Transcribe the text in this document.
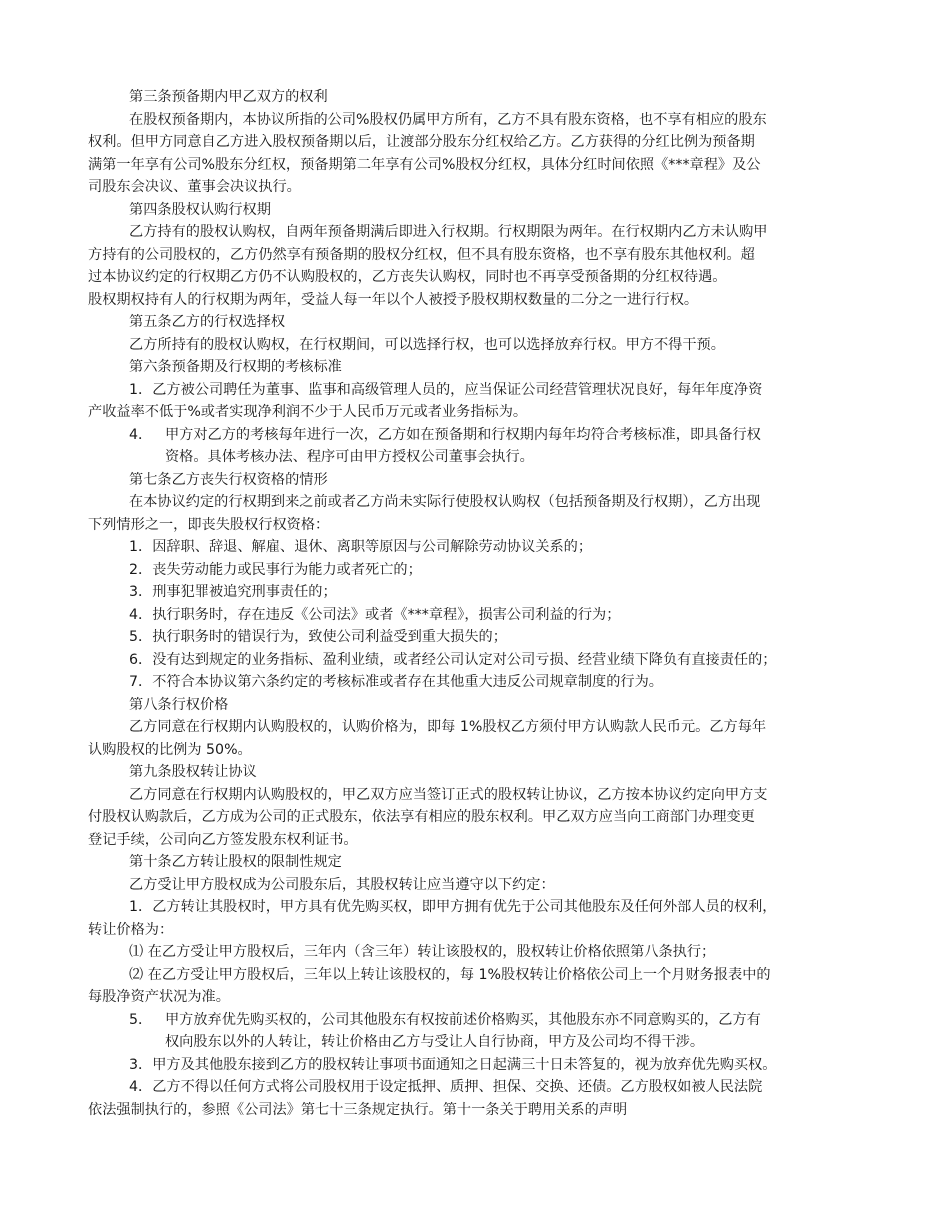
第三条预备期内甲乙双方的权利

在股权预备期内，本协议所指的公司%股权仍属甲方所有，乙方不具有股东资格，也不享有相应的股东

权利。但甲方同意自乙方进入股权预备期以后，让渡部分股东分红权给乙方。乙方获得的分红比例为预备期

满第一年享有公司%股东分红权，预备期第二年享有公司%股权分红权，具体分红时间依照《***章程》及公

司股东会决议、董事会决议执行。

第四条股权认购行权期

乙方持有的股权认购权，自两年预备期满后即进入行权期。行权期限为两年。在行权期内乙方未认购甲

方持有的公司股权的，乙方仍然享有预备期的股权分红权，但不具有股东资格，也不享有股东其他权利。超

过本协议约定的行权期乙方仍不认购股权的，乙方丧失认购权，同时也不再享受预备期的分红权待遇。

股权期权持有人的行权期为两年，受益人每一年以个人被授予股权期权数量的二分之一进行行权。

第五条乙方的行权选择权

乙方所持有的股权认购权，在行权期间，可以选择行权，也可以选择放弃行权。甲方不得干预。

第六条预备期及行权期的考核标准

1．乙方被公司聘任为董事、监事和高级管理人员的，应当保证公司经营管理状况良好，每年年度净资

产收益率不低于%或者实现净利润不少于人民币万元或者业务指标为。

4． 甲方对乙方的考核每年进行一次，乙方如在预备期和行权期内每年均符合考核标准，即具备行权
资格。具体考核办法、程序可由甲方授权公司董事会执行。

第七条乙方丧失行权资格的情形

在本协议约定的行权期到来之前或者乙方尚未实际行使股权认购权（包括预备期及行权期），乙方出现

下列情形之一，即丧失股权行权资格：

1．因辞职、辞退、解雇、退休、离职等原因与公司解除劳动协议关系的；

2．丧失劳动能力或民事行为能力或者死亡的；

3．刑事犯罪被追究刑事责任的；

4．执行职务时，存在违反《公司法》或者《***章程》，损害公司利益的行为；

5．执行职务时的错误行为，致使公司利益受到重大损失的；

6．没有达到规定的业务指标、盈利业绩，或者经公司认定对公司亏损、经营业绩下降负有直接责任的；

7．不符合本协议第六条约定的考核标准或者存在其他重大违反公司规章制度的行为。

第八条行权价格

乙方同意在行权期内认购股权的，认购价格为，即每 1%股权乙方须付甲方认购款人民币元。乙方每年

认购股权的比例为 50%。

第九条股权转让协议

乙方同意在行权期内认购股权的，甲乙双方应当签订正式的股权转让协议，乙方按本协议约定向甲方支

付股权认购款后，乙方成为公司的正式股东，依法享有相应的股东权利。甲乙双方应当向工商部门办理变更

登记手续，公司向乙方签发股东权利证书。

第十条乙方转让股权的限制性规定

乙方受让甲方股权成为公司股东后，其股权转让应当遵守以下约定：

1．乙方转让其股权时，甲方具有优先购买权，即甲方拥有优先于公司其他股东及任何外部人员的权利，

转让价格为：

⑴ 在乙方受让甲方股权后，三年内（含三年）转让该股权的，股权转让价格依照第八条执行；

⑵ 在乙方受让甲方股权后，三年以上转让该股权的，每 1%股权转让价格依公司上一个月财务报表中的

每股净资产状况为准。

5． 甲方放弃优先购买权的，公司其他股东有权按前述价格购买，其他股东亦不同意购买的，乙方有
权向股东以外的人转让，转让价格由乙方与受让人自行协商，甲方及公司均不得干涉。

3．甲方及其他股东接到乙方的股权转让事项书面通知之日起满三十日未答复的，视为放弃优先购买权。

4．乙方不得以任何方式将公司股权用于设定抵押、质押、担保、交换、还债。乙方股权如被人民法院

依法强制执行的，参照《公司法》第七十三条规定执行。第十一条关于聘用关系的声明
